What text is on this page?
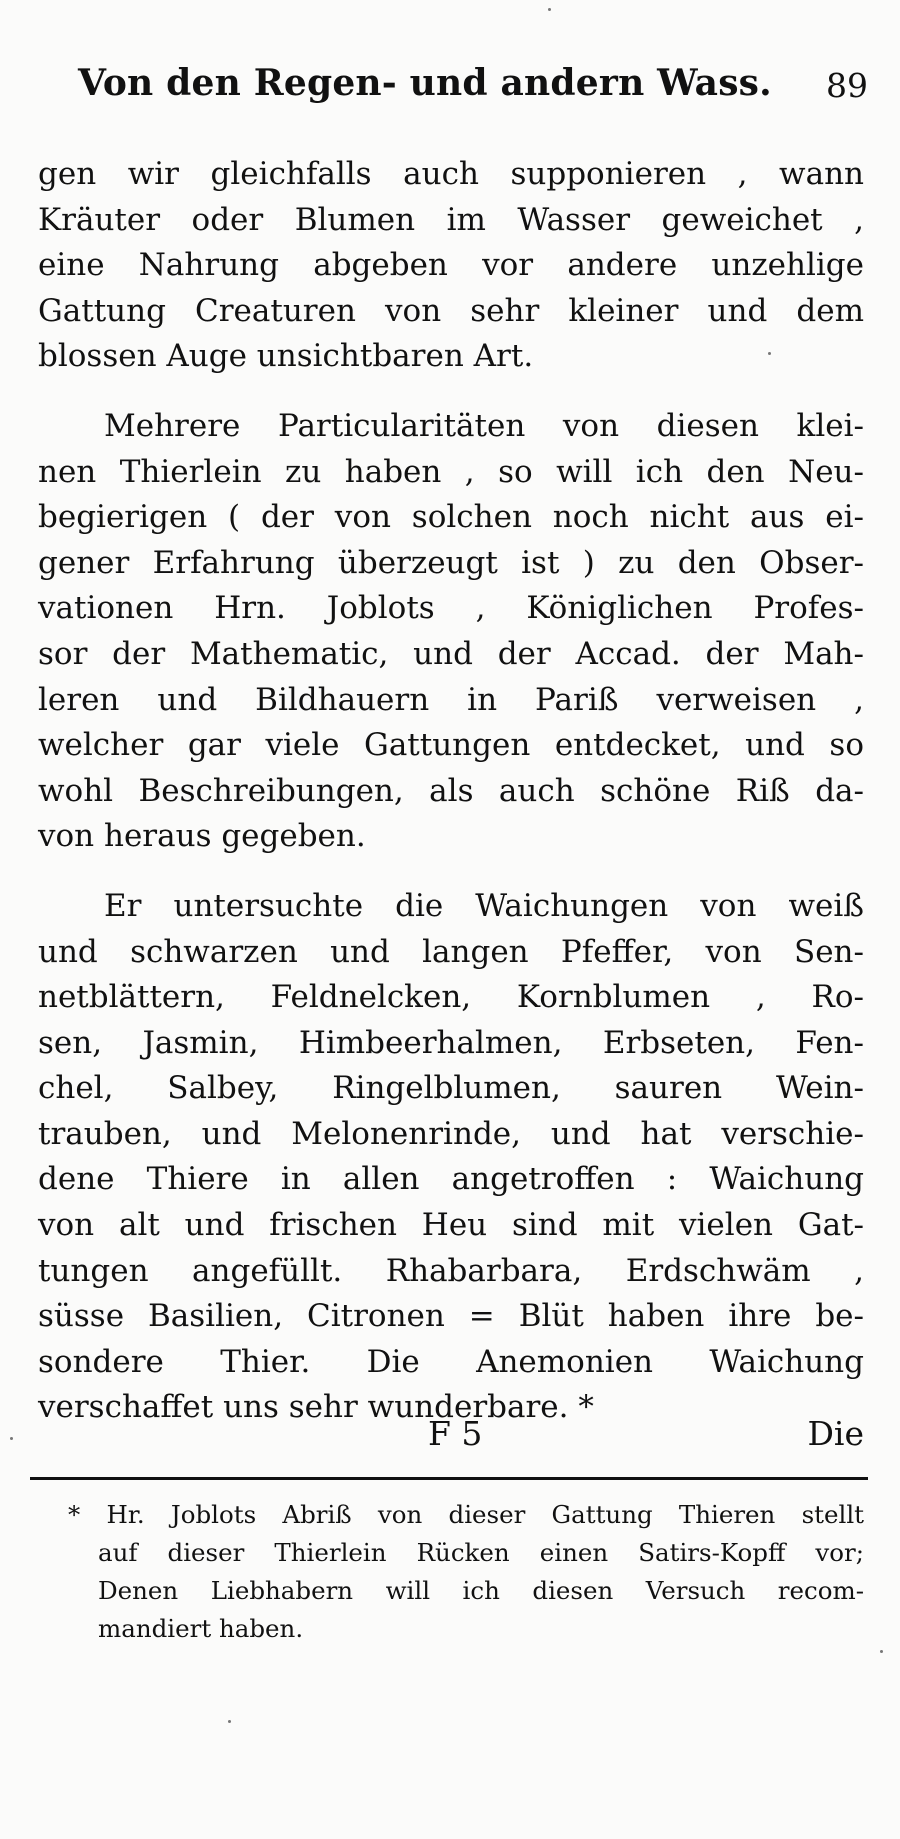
Von den Regen- und andern Wass. 89
gen wir gleichfalls auch supponieren , wann
Kräuter oder Blumen im Wasser geweichet ,
eine Nahrung abgeben vor andere unzehlige
Gattung Creaturen von sehr kleiner und dem
blossen Auge unsichtbaren Art.
Mehrere Particularitäten von diesen klei-
nen Thierlein zu haben , so will ich den Neu-
begierigen ( der von solchen noch nicht aus ei-
gener Erfahrung überzeugt ist ) zu den Obser-
vationen Hrn. Joblots , Königlichen Profes-
sor der Mathematic, und der Accad. der Mah-
leren und Bildhauern in Pariß verweisen ,
welcher gar viele Gattungen entdecket, und so
wohl Beschreibungen, als auch schöne Riß da-
von heraus gegeben.
Er untersuchte die Waichungen von weiß
und schwarzen und langen Pfeffer, von Sen-
netblättern, Feldnelcken, Kornblumen , Ro-
sen, Jasmin, Himbeerhalmen, Erbseten, Fen-
chel, Salbey, Ringelblumen, sauren Wein-
trauben, und Melonenrinde, und hat verschie-
dene Thiere in allen angetroffen : Waichung
von alt und frischen Heu sind mit vielen Gat-
tungen angefüllt. Rhabarbara, Erdschwäm ,
süsse Basilien, Citronen = Blüt haben ihre be-
sondere Thier. Die Anemonien Waichung
verschaffet uns sehr wunderbare. *
F 5	Die
* Hr. Joblots Abriß von dieser Gattung Thieren stellt
auf dieser Thierlein Rücken einen Satirs-Kopff vor;
Denen Liebhabern will ich diesen Versuch recom-
mandiert haben.
